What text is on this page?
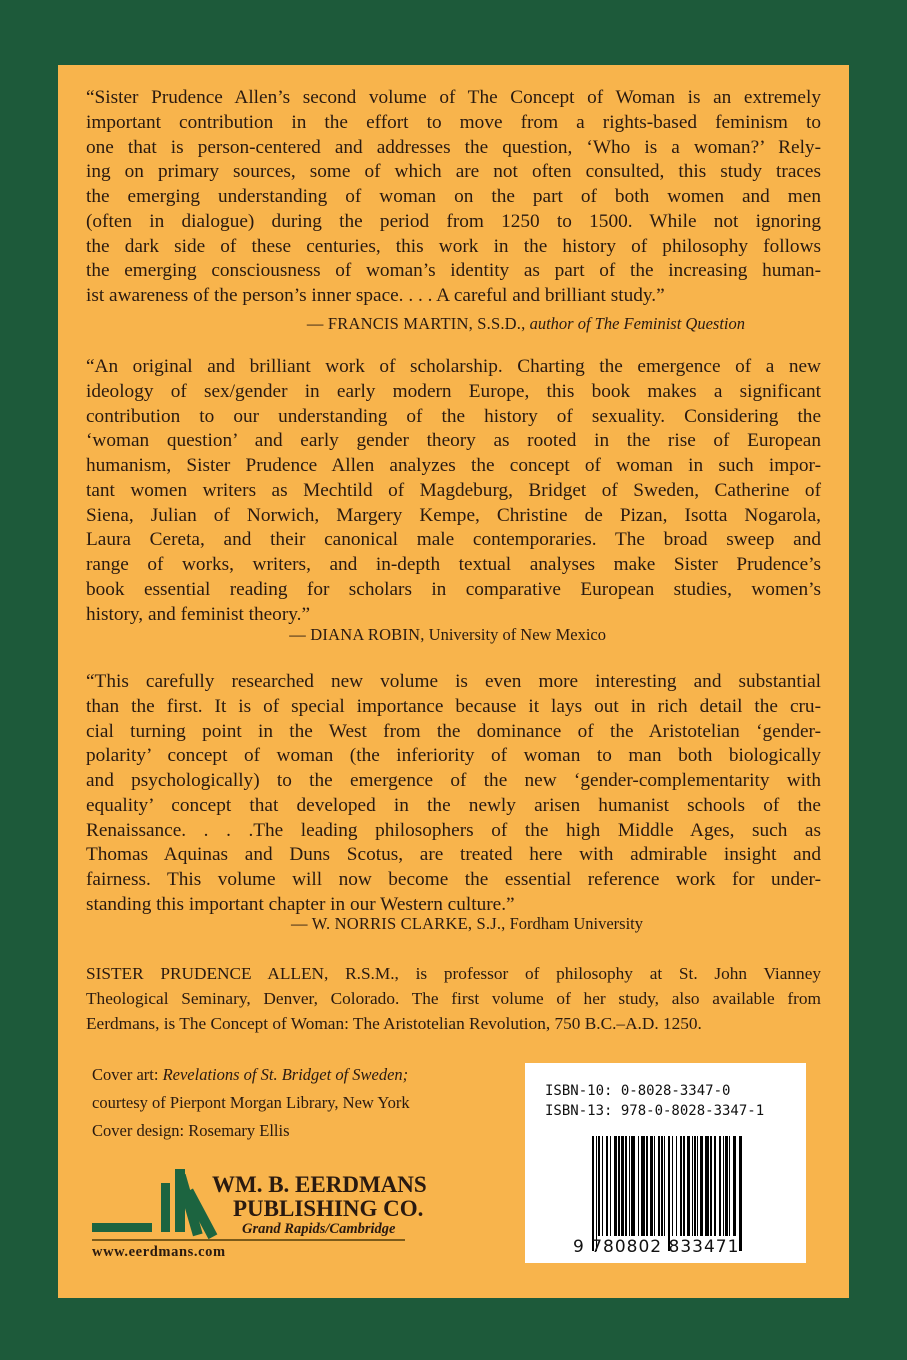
“Sister Prudence Allen’s second volume of The Concept of Woman is an extremely
important contribution in the effort to move from a rights-based feminism to
one that is person-centered and addresses the question, ‘Who is a woman?’ Rely-
ing on primary sources, some of which are not often consulted, this study traces
the emerging understanding of woman on the part of both women and men
(often in dialogue) during the period from 1250 to 1500. While not ignoring
the dark side of these centuries, this work in the history of philosophy follows
the emerging consciousness of woman’s identity as part of the increasing human-
ist awareness of the person’s inner space. . . . A careful and brilliant study.”
— FRANCIS MARTIN, S.S.D., author of The Feminist Question
“An original and brilliant work of scholarship. Charting the emergence of a new
ideology of sex/gender in early modern Europe, this book makes a significant
contribution to our understanding of the history of sexuality. Considering the
‘woman question’ and early gender theory as rooted in the rise of European
humanism, Sister Prudence Allen analyzes the concept of woman in such impor-
tant women writers as Mechtild of Magdeburg, Bridget of Sweden, Catherine of
Siena, Julian of Norwich, Margery Kempe, Christine de Pizan, Isotta Nogarola,
Laura Cereta, and their canonical male contemporaries. The broad sweep and
range of works, writers, and in-depth textual analyses make Sister Prudence’s
book essential reading for scholars in comparative European studies, women’s
history, and feminist theory.”
— DIANA ROBIN, University of New Mexico
“This carefully researched new volume is even more interesting and substantial
than the first. It is of special importance because it lays out in rich detail the cru-
cial turning point in the West from the dominance of the Aristotelian ‘gender-
polarity’ concept of woman (the inferiority of woman to man both biologically
and psychologically) to the emergence of the new ‘gender-complementarity with
equality’ concept that developed in the newly arisen humanist schools of the
Renaissance. . . .The leading philosophers of the high Middle Ages, such as
Thomas Aquinas and Duns Scotus, are treated here with admirable insight and
fairness. This volume will now become the essential reference work for under-
standing this important chapter in our Western culture.”
— W. NORRIS CLARKE, S.J., Fordham University
SISTER PRUDENCE ALLEN, R.S.M., is professor of philosophy at St. John Vianney
Theological Seminary, Denver, Colorado. The first volume of her study, also available from
Eerdmans, is The Concept of Woman: The Aristotelian Revolution, 750 B.C.–A.D. 1250.
Cover art: Revelations of St. Bridget of Sweden;
courtesy of Pierpont Morgan Library, New York
Cover design: Rosemary Ellis
WM. B. EERDMANS
PUBLISHING CO.
Grand Rapids/Cambridge
www.eerdmans.com
ISBN-10: 0-8028-3347-0
ISBN-13: 978-0-8028-3347-1
9 780802 833471
